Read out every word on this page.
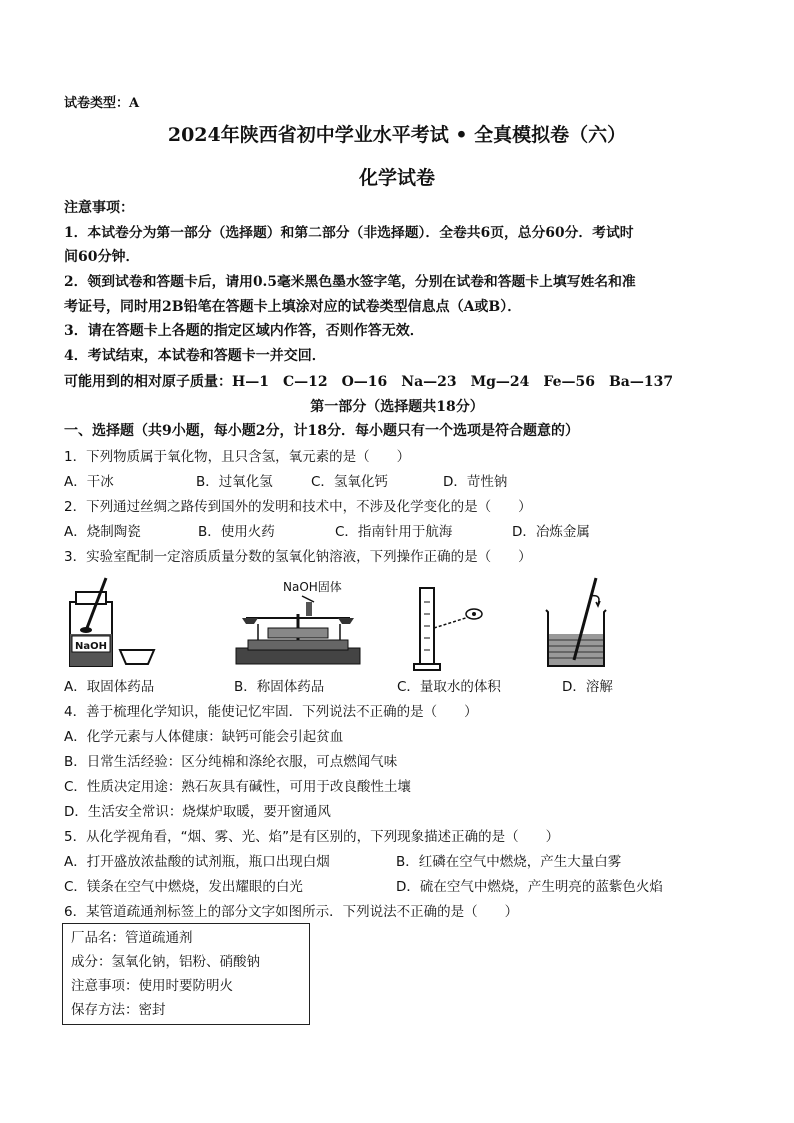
试卷类型：A
2024年陕西省初中学业水平考试 • 全真模拟卷（六）
化学试卷
注意事项：
1．本试卷分为第一部分（选择题）和第二部分（非选择题）．全卷共6页，总分60分．考试时
间60分钟．
2．领到试卷和答题卡后，请用0.5毫米黑色墨水签字笔，分别在试卷和答题卡上填写姓名和准
考证号，同时用2B铅笔在答题卡上填涂对应的试卷类型信息点（A或B）．
3．请在答题卡上各题的指定区域内作答，否则作答无效．
4．考试结束，本试卷和答题卡一并交回．
可能用到的相对原子质量：H—1　C—12　O—16　Na—23　Mg—24　Fe—56　Ba—137
第一部分（选择题共18分）
一、选择题（共9小题，每小题2分，计18分．每小题只有一个选项是符合题意的）
1．下列物质属于氧化物，且只含氢，氧元素的是（　　）
A．干冰	B．过氧化氢	C．氢氧化钙	D．苛性钠
2．下列通过丝绸之路传到国外的发明和技术中，不涉及化学变化的是（　　）
A．烧制陶瓷	B．使用火药	C．指南针用于航海	D．冶炼金属
3．实验室配制一定溶质质量分数的氢氧化钠溶液，下列操作正确的是（　　）
NaOH
NaOH固体
A．取固体药品	B．称固体药品	C．量取水的体积	D．溶解
4．善于梳理化学知识，能使记忆牢固．下列说法不正确的是（　　）
A．化学元素与人体健康：缺钙可能会引起贫血
B．日常生活经验：区分纯棉和涤纶衣服，可点燃闻气味
C．性质决定用途：熟石灰具有碱性，可用于改良酸性土壤
D．生活安全常识：烧煤炉取暖，要开窗通风
5．从化学视角看，“烟、雾、光、焰”是有区别的，下列现象描述正确的是（　　）
A．打开盛放浓盐酸的试剂瓶，瓶口出现白烟	B．红磷在空气中燃烧，产生大量白雾
C．镁条在空气中燃烧，发出耀眼的白光	D．硫在空气中燃烧，产生明亮的蓝紫色火焰
6．某管道疏通剂标签上的部分文字如图所示．下列说法不正确的是（　　）
厂品名：管道疏通剂
成分：氢氧化钠，铝粉、硝酸钠
注意事项：使用时要防明火
保存方法：密封
